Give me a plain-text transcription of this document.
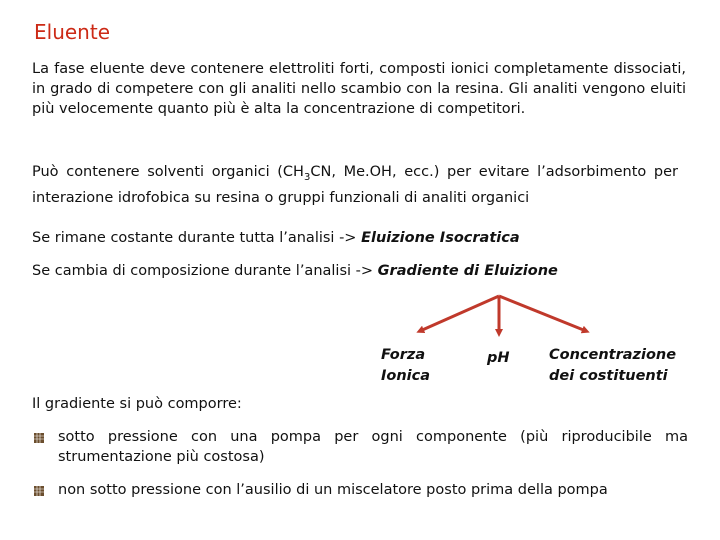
Eluente
La fase eluente deve contenere elettroliti forti, composti ionici completamente dissociati, in grado di competere con gli analiti nello scambio con la resina. Gli analiti vengono eluiti più velocemente quanto più è alta la concentrazione di competitori.
Può contenere solventi organici ($CH_3CN$, Me.OH, ecc.) per evitare l’adsorbimento per interazione idrofobica su resina o gruppi funzionali di analiti organici
Se rimane costante durante tutta l’analisi -> Eluizione Isocratica
Se cambia di composizione durante l’analisi -> Gradiente di Eluizione
Forza Ionica
pH	Concentrazione dei costituenti
Il gradiente si può comporre:
sotto pressione con una pompa per ogni componente (più riproducibile ma strumentazione più costosa)
non sotto pressione con l’ausilio di un miscelatore posto prima della pompa
